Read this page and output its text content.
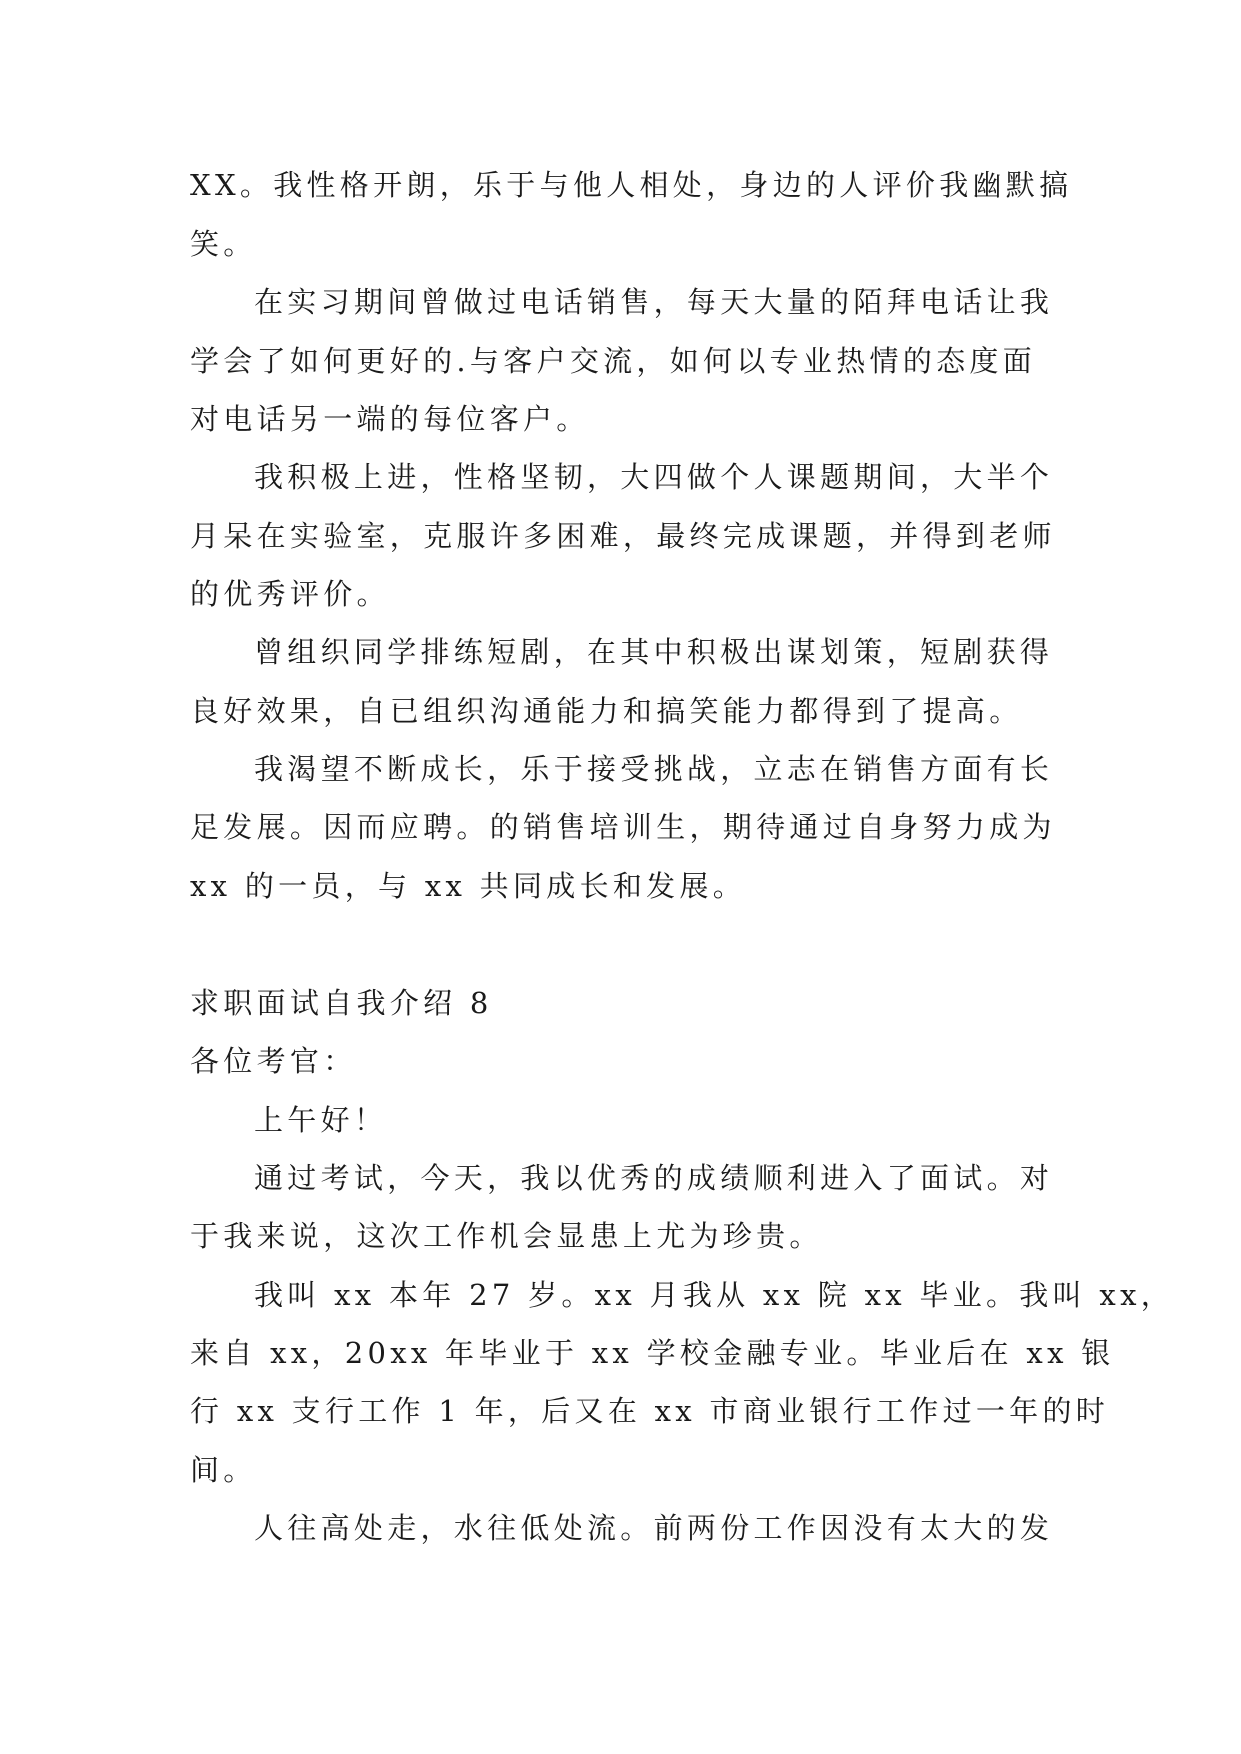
XX。我性格开朗，乐于与他人相处，身边的人评价我幽默搞
笑。
在实习期间曾做过电话销售，每天大量的陌拜电话让我
学会了如何更好的.与客户交流，如何以专业热情的态度面
对电话另一端的每位客户。
我积极上进，性格坚韧，大四做个人课题期间，大半个
月呆在实验室，克服许多困难，最终完成课题，并得到老师
的优秀评价。
曾组织同学排练短剧，在其中积极出谋划策，短剧获得
良好效果，自已组织沟通能力和搞笑能力都得到了提高。
我渴望不断成长，乐于接受挑战，立志在销售方面有长
足发展。因而应聘。的销售培训生，期待通过自身努力成为
xx 的一员，与 xx 共同成长和发展。
求职面试自我介绍 8
各位考官：
上午好！
通过考试，今天，我以优秀的成绩顺利进入了面试。对
于我来说，这次工作机会显患上尤为珍贵。
我叫 xx 本年 27 岁。xx 月我从 xx 院 xx 毕业。我叫 xx，
来自 xx，20xx 年毕业于 xx 学校金融专业。毕业后在 xx 银
行 xx 支行工作 1 年，后又在 xx 市商业银行工作过一年的时
间。
人往高处走，水往低处流。前两份工作因没有太大的发
